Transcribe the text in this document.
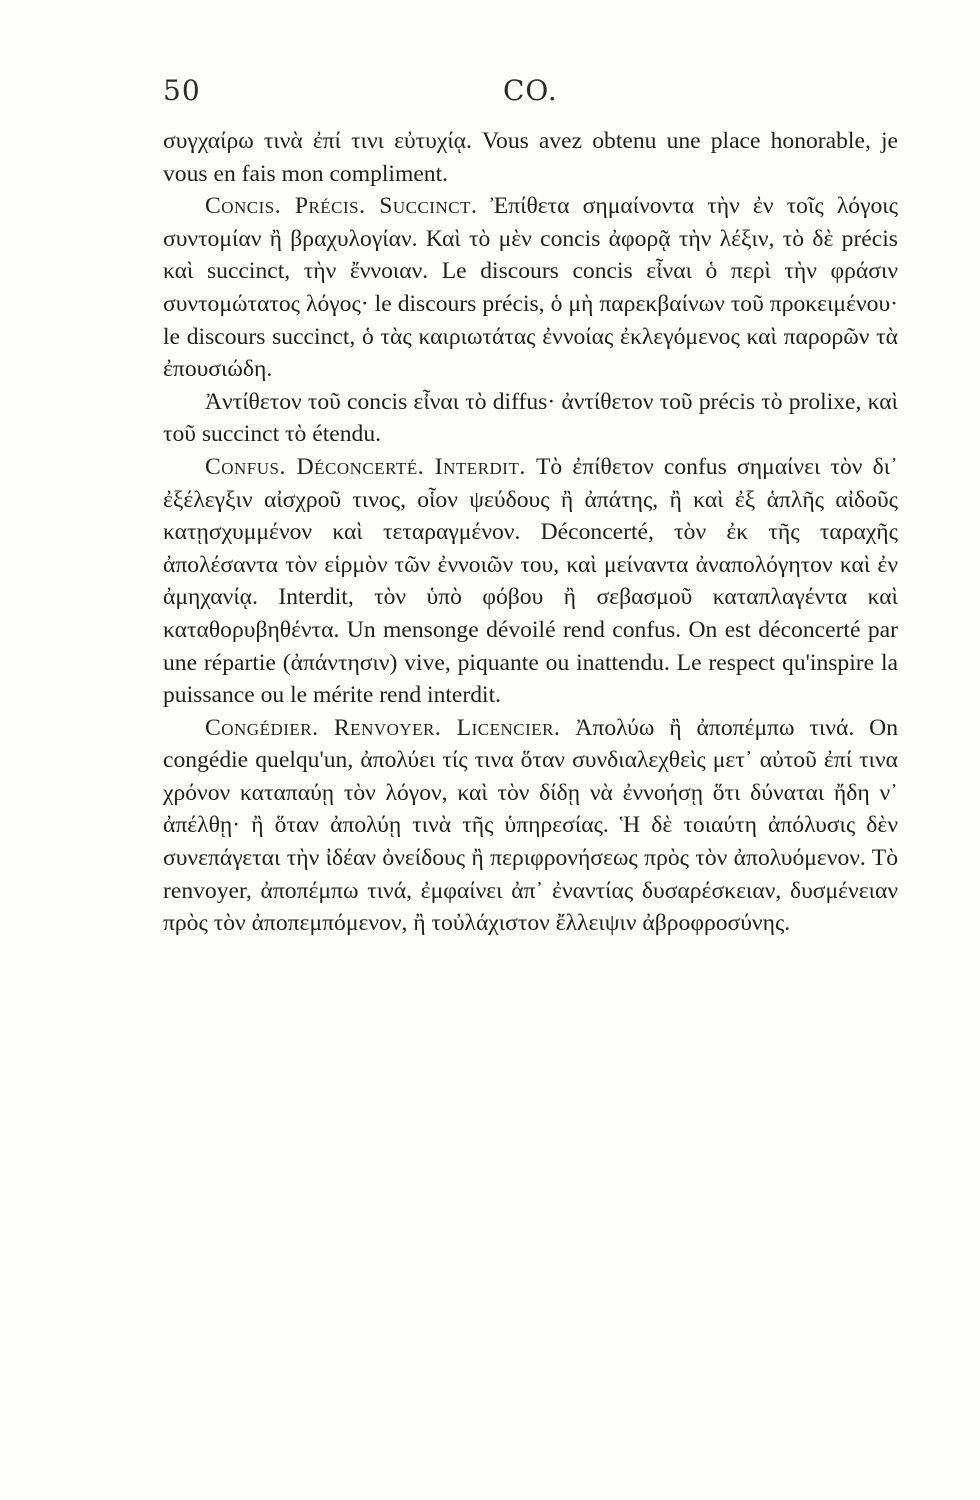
50	CO.

συγχαίρω τινὰ ἐπί τινι εὐτυχίᾳ. Vous avez obtenu une place honorable, je vous en fais mon compliment.

Concis. Précis. Succinct. Ἐπίθετα σημαίνοντα τὴν ἐν τοῖς λόγοις συντομίαν ἢ βραχυλογίαν. Καὶ τὸ μὲν concis ἀφορᾷ τὴν λέξιν, τὸ δὲ précis καὶ succinct, τὴν ἔννοιαν. Le discours concis εἶναι ὁ περὶ τὴν φράσιν συντομώτατος λόγος· le discours précis, ὁ μὴ παρεκβαίνων τοῦ προκειμένου· le discours succinct, ὁ τὰς καιριωτάτας ἐννοίας ἐκλεγόμενος καὶ παρορῶν τὰ ἐπουσιώδη.

Ἀντίθετον τοῦ concis εἶναι τὸ diffus· ἀντίθετον τοῦ précis τὸ prolixe, καὶ τοῦ succinct τὸ étendu.

Confus. Déconcerté. Interdit. Τὸ ἐπίθετον confus σημαίνει τὸν δι᾽ ἐξέλεγξιν αἰσχροῦ τινος, οἷον ψεύδους ἢ ἀπάτης, ἢ καὶ ἐξ ἁπλῆς αἰδοῦς κατῃσχυμμένον καὶ τεταραγμένον. Déconcerté, τὸν ἐκ τῆς ταραχῆς ἀπολέσαντα τὸν εἱρμὸν τῶν ἐννοιῶν του, καὶ μείναντα ἀναπολόγητον καὶ ἐν ἀμηχανίᾳ. Interdit, τὸν ὑπὸ φόβου ἢ σεβασμοῦ καταπλαγέντα καὶ καταθορυβηθέντα. Un mensonge dévoilé rend confus. On est déconcerté par une répartie (ἀπάντησιν) vive, piquante ou inattendu. Le respect qu'inspire la puissance ou le mérite rend interdit.

Congédier. Renvoyer. Licencier. Ἀπολύω ἢ ἀποπέμπω τινά. On congédie quelqu'un, ἀπολύει τίς τινα ὅταν συνδιαλεχθεὶς μετ᾽ αὐτοῦ ἐπί τινα χρόνον καταπαύῃ τὸν λόγον, καὶ τὸν δίδῃ νὰ ἐννοήσῃ ὅτι δύναται ἤδη ν᾽ ἀπέλθῃ· ἢ ὅταν ἀπολύῃ τινὰ τῆς ὑπηρεσίας. Ἡ δὲ τοιαύτη ἀπόλυσις δὲν συνεπάγεται τὴν ἰδέαν ὀνείδους ἢ περιφρονήσεως πρὸς τὸν ἀπολυόμενον. Τὸ renvoyer, ἀποπέμπω τινά, ἐμφαίνει ἀπ᾽ ἐναντίας δυσαρέσκειαν, δυσμένειαν πρὸς τὸν ἀποπεμπόμενον, ἢ τοὐλάχιστον ἔλλειψιν ἀβροφροσύνης.
